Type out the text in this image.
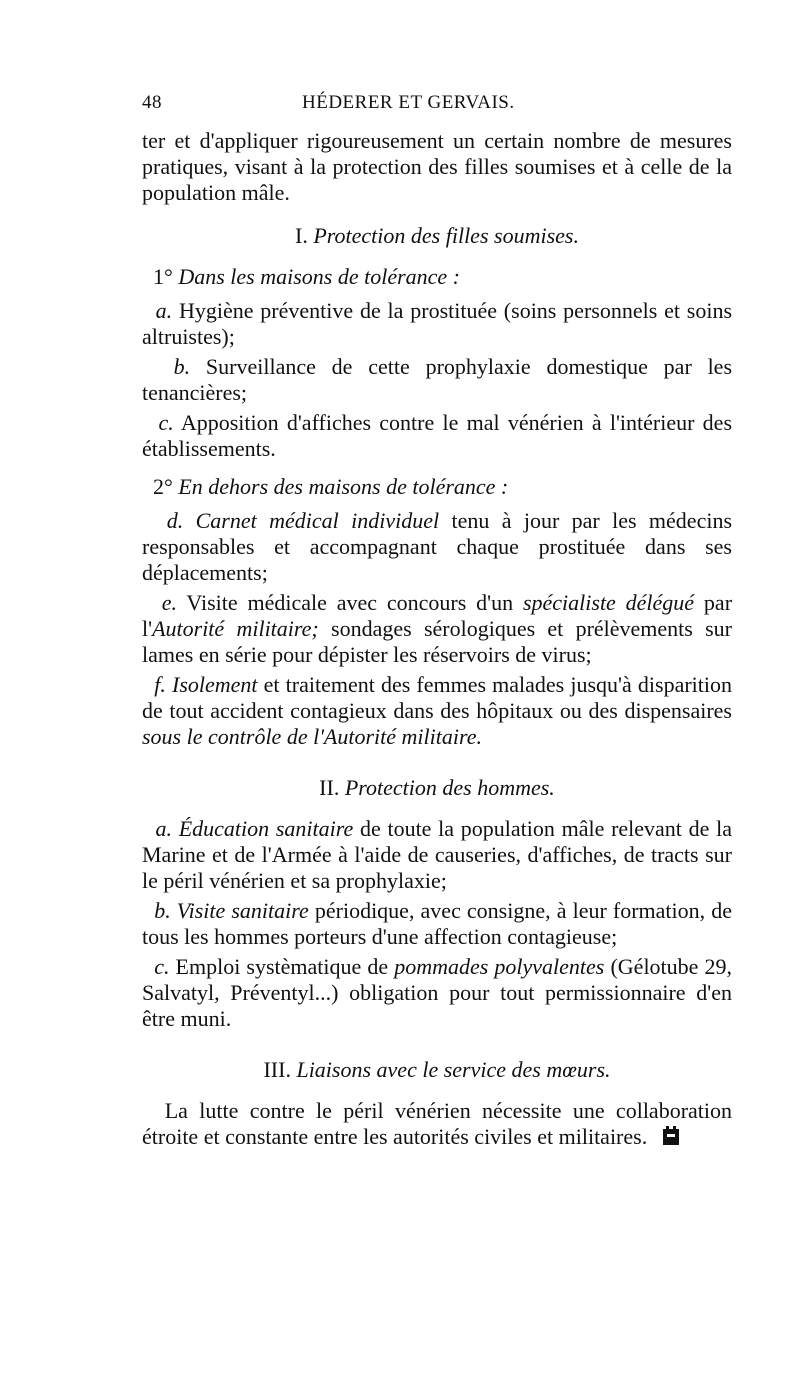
48	HÉDERER ET GERVAIS.

ter et d'appliquer rigoureusement un certain nombre de mesures pratiques, visant à la protection des filles soumises et à celle de la population mâle.

I. Protection des filles soumises.

1° Dans les maisons de tolérance :

a. Hygiène préventive de la prostituée (soins personnels et soins altruistes);

b. Surveillance de cette prophylaxie domestique par les tenancières;

c. Apposition d'affiches contre le mal vénérien à l'intérieur des établissements.

2° En dehors des maisons de tolérance :

d. Carnet médical individuel tenu à jour par les médecins responsables et accompagnant chaque prostituée dans ses déplacements;

e. Visite médicale avec concours d'un spécialiste délégué par l'Autorité militaire; sondages sérologiques et prélèvements sur lames en série pour dépister les réservoirs de virus;

f. Isolement et traitement des femmes malades jusqu'à disparition de tout accident contagieux dans des hôpitaux ou des dispensaires sous le contrôle de l'Autorité militaire.

II. Protection des hommes.

a. Éducation sanitaire de toute la population mâle relevant de la Marine et de l'Armée à l'aide de causeries, d'affiches, de tracts sur le péril vénérien et sa prophylaxie;

b. Visite sanitaire périodique, avec consigne, à leur formation, de tous les hommes porteurs d'une affection contagieuse;

c. Emploi systèmatique de pommades polyvalentes (Gélotube 29, Salvatyl, Préventyl...) obligation pour tout permissionnaire d'en être muni.

III. Liaisons avec le service des mœurs.

La lutte contre le péril vénérien nécessite une collaboration étroite et constante entre les autorités civiles et militaires.
